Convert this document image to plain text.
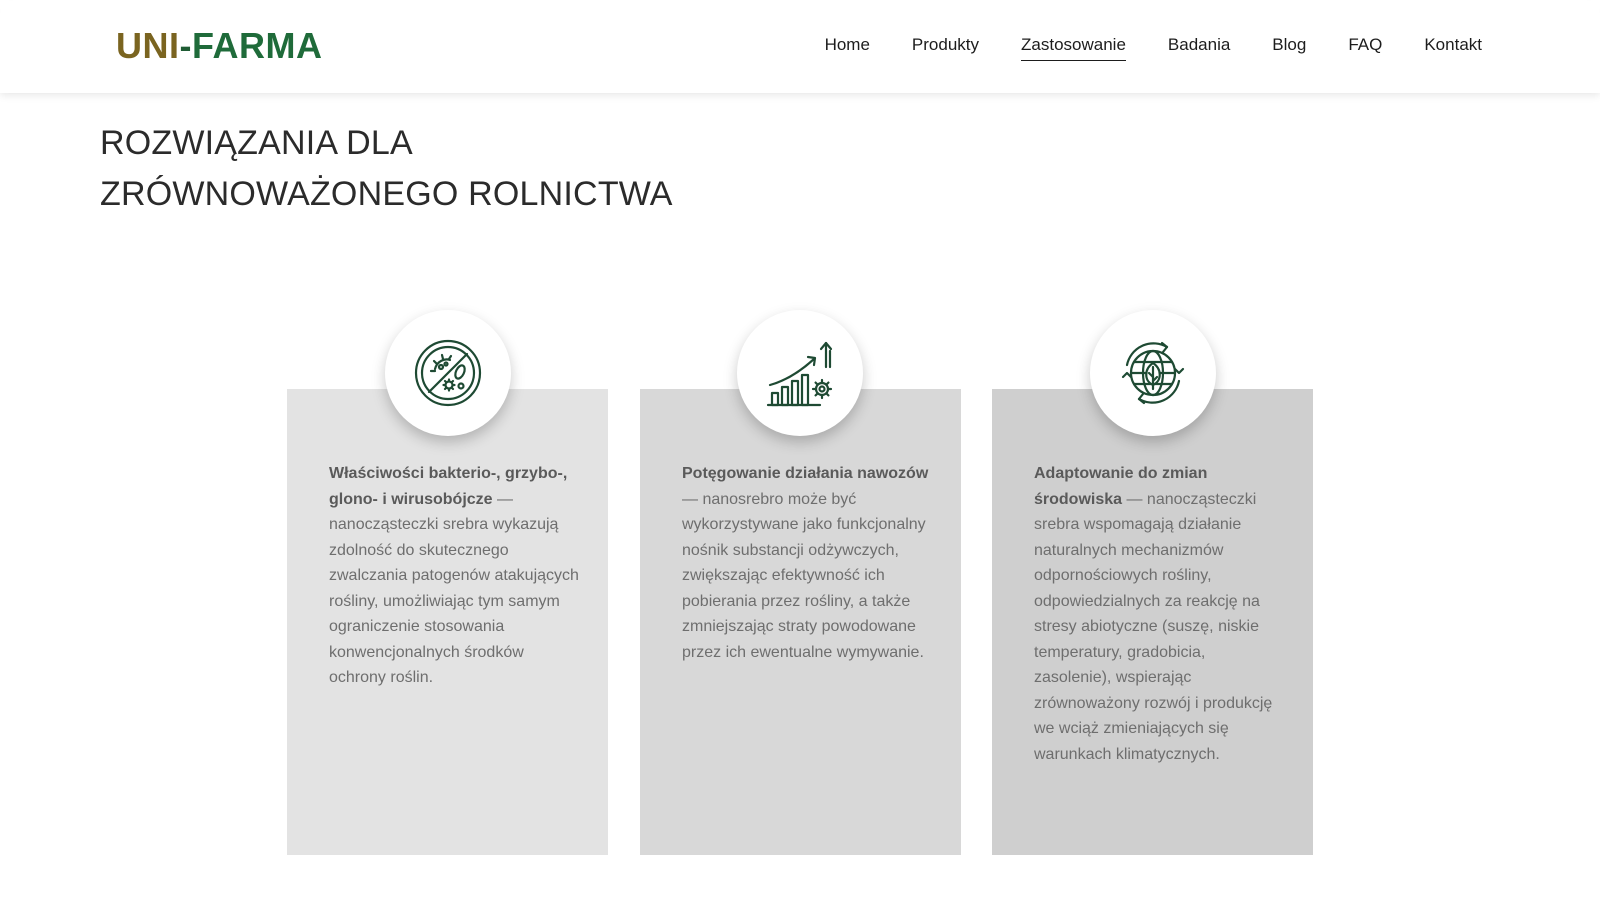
UNI-FARMA	Home Produkty Zastosowanie Badania Blog FAQ Kontakt
ROZWIĄZANIA DLA
ZRÓWNOWAŻONEGO ROLNICTWA

Właściwości bakterio-, grzybo-, glono- i wirusobójcze — nanocząsteczki srebra wykazują zdolność do skutecznego zwalczania patogenów atakujących rośliny, umożliwiając tym samym ograniczenie stosowania konwencjonalnych środków ochrony roślin.

Potęgowanie działania nawozów — nanosrebro może być wykorzystywane jako funkcjonalny nośnik substancji odżywczych, zwiększając efektywność ich pobierania przez rośliny, a także zmniejszając straty powodowane przez ich ewentualne wymywanie.

Adaptowanie do zmian środowiska — nanocząsteczki srebra wspomagają działanie naturalnych mechanizmów odpornościowych rośliny, odpowiedzialnych za reakcję na stresy abiotyczne (suszę, niskie temperatury, gradobicia, zasolenie), wspierając zrównoważony rozwój i produkcję we wciąż zmieniających się warunkach klimatycznych.
